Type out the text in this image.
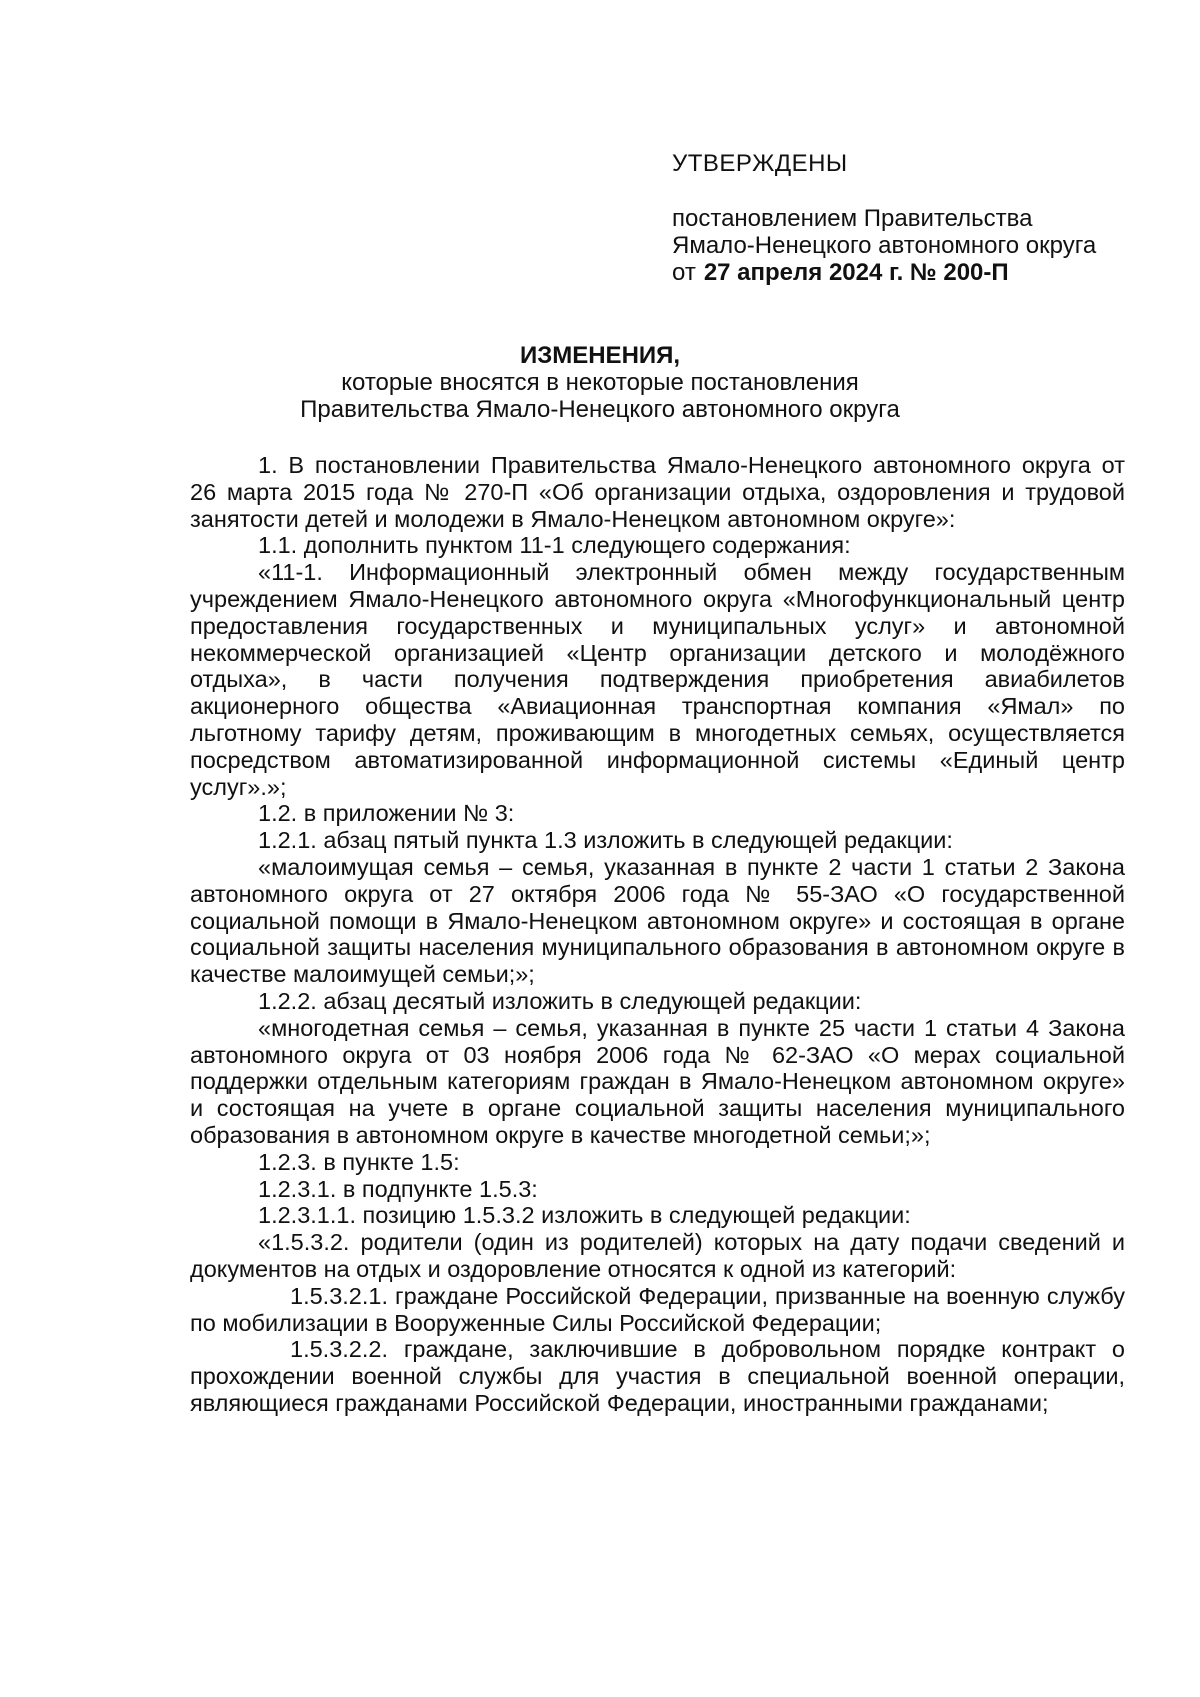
УТВЕРЖДЕНЫ
постановлением Правительства
Ямало-Ненецкого автономного округа
от 27 апреля 2024 г. № 200-П
ИЗМЕНЕНИЯ,
которые вносятся в некоторые постановления
Правительства Ямало-Ненецкого автономного округа

1. В постановлении Правительства Ямало-Ненецкого автономного округа от 26 марта 2015 года № 270-П «Об организации отдыха, оздоровления и трудовой занятости детей и молодежи в Ямало-Ненецком автономном округе»:

1.1. дополнить пунктом 11-1 следующего содержания:

«11-1. Информационный электронный обмен между государственным учреждением Ямало-Ненецкого автономного округа «Многофункциональный центр предоставления государственных и муниципальных услуг» и автономной некоммерческой организацией «Центр организации детского и молодёжного отдыха», в части получения подтверждения приобретения авиабилетов акционерного общества «Авиационная транспортная компания «Ямал» по льготному тарифу детям, проживающим в многодетных семьях, осуществляется посредством автоматизированной информационной системы «Единый центр услуг».»;

1.2. в приложении № 3:

1.2.1. абзац пятый пункта 1.3 изложить в следующей редакции:

«малоимущая семья – семья, указанная в пункте 2 части 1 статьи 2 Закона автономного округа от 27 октября 2006 года № 55-ЗАО «О государственной социальной помощи в Ямало-Ненецком автономном округе» и состоящая в органе социальной защиты населения муниципального образования в автономном округе в качестве малоимущей семьи;»;

1.2.2. абзац десятый изложить в следующей редакции:

«многодетная семья – семья, указанная в пункте 25 части 1 статьи 4 Закона автономного округа от 03 ноября 2006 года № 62-ЗАО «О мерах социальной поддержки отдельным категориям граждан в Ямало-Ненецком автономном округе» и состоящая на учете в органе социальной защиты населения муниципального образования в автономном округе в качестве многодетной семьи;»;

1.2.3. в пункте 1.5:

1.2.3.1. в подпункте 1.5.3:

1.2.3.1.1. позицию 1.5.3.2 изложить в следующей редакции:

«1.5.3.2. родители (один из родителей) которых на дату подачи сведений и документов на отдых и оздоровление относятся к одной из категорий:

1.5.3.2.1. граждане Российской Федерации, призванные на военную службу по мобилизации в Вооруженные Силы Российской Федерации;

1.5.3.2.2. граждане, заключившие в добровольном порядке контракт о прохождении военной службы для участия в специальной военной операции, являющиеся гражданами Российской Федерации, иностранными гражданами;
